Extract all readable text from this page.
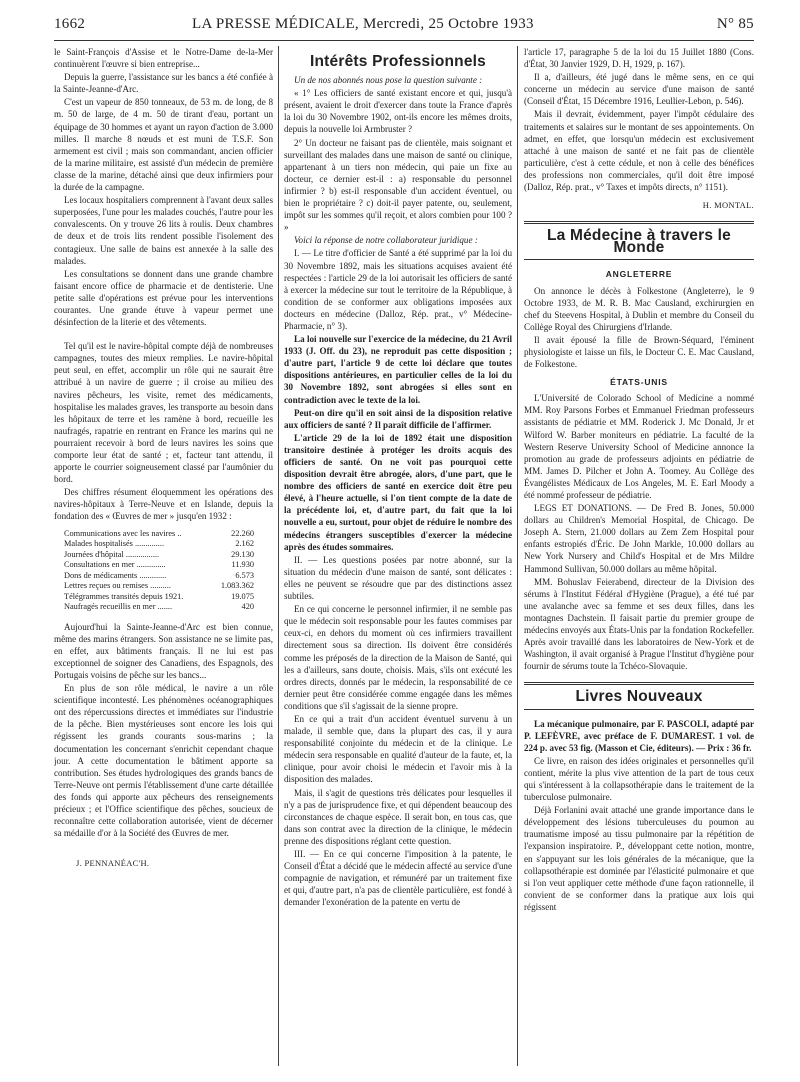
1662	LA PRESSE MÉDICALE, Mercredi, 25 Octobre 1933	N° 85

le Saint-François d'Assise et le Notre-Dame de-la-Mer continuèrent l'œuvre si bien entreprise...

Depuis la guerre, l'assistance sur les bancs a été confiée à la Sainte-Jeanne-d'Arc.

C'est un vapeur de 850 tonneaux, de 53 m. de long, de 8 m. 50 de large, de 4 m. 50 de tirant d'eau, portant un équipage de 30 hommes et ayant un rayon d'action de 3.000 milles. Il marche 8 nœuds et est muni de T.S.F. Son armement est civil ; mais son commandant, ancien officier de la marine militaire, est assisté d'un médecin de première classe de la marine, détaché ainsi que deux infirmiers pour la durée de la campagne.

Les locaux hospitaliers comprennent à l'avant deux salles superposées, l'une pour les malades couchés, l'autre pour les convalescents. On y trouve 26 lits à roulis. Deux chambres de deux et de trois lits rendent possible l'isolement des contagieux. Une salle de bains est annexée à la salle des malades.

Les consultations se donnent dans une grande chambre faisant encore office de pharmacie et de dentisterie. Une petite salle d'opérations est prévue pour les interventions courantes. Une grande étuve à vapeur permet une désinfection de la literie et des vêtements.

Tel qu'il est le navire-hôpital compte déjà de nombreuses campagnes, toutes des mieux remplies. Le navire-hôpital peut seul, en effet, accomplir un rôle qui ne saurait être attribué à un navire de guerre ; il croise au milieu des navires pêcheurs, les visite, remet des médicaments, hospitalise les malades graves, les transporte au besoin dans les hôpitaux de terre et les ramène à bord, recueille les naufragés, rapatrie en rentrant en France les marins qui ne pourraient recevoir à bord de leurs navires les soins que comporte leur état de santé ; et, facteur tant attendu, il apporte le courrier soigneusement classé par l'aumônier du bord.

Des chiffres résument éloquemment les opérations des navires-hôpitaux à Terre-Neuve et en Islande, depuis la fondation des « Œuvres de mer » jusqu'en 1932 :

Communications avec les navires ..	22.260
Malades hospitalisés ..............	2.162
Journées d'hôpital ................	29.130
Consultations en mer ..............	11.930
Dons de médicaments .............	6.573
Lettres reçues ou remises ..........	1.083.362
Télégrammes transités depuis 1921.	19.075
Naufragés recueillis en mer .......	420

Aujourd'hui la Sainte-Jeanne-d'Arc est bien connue, même des marins étrangers. Son assistance ne se limite pas, en effet, aux bâtiments français. Il ne lui est pas exceptionnel de soigner des Canadiens, des Espagnols, des Portugais voisins de pêche sur les bancs...

En plus de son rôle médical, le navire a un rôle scientifique incontesté. Les phénomènes océanographiques ont des répercussions directes et immédiates sur l'industrie de la pêche. Bien mystérieuses sont encore les lois qui régissent les grands courants sous-marins ; la documentation les concernant s'enrichit cependant chaque jour. A cette documentation le bâtiment apporte sa contribution. Ses études hydrologiques des grands bancs de Terre-Neuve ont permis l'établissement d'une carte détaillée des fonds qui apporte aux pêcheurs des renseignements précieux ; et l'Office scientifique des pêches, soucieux de reconnaître cette collaboration autorisée, vient de décerner sa médaille d'or à la Société des Œuvres de mer.

J. PENNANÉAC'H.
Intérêts Professionnels

Un de nos abonnés nous pose la question suivante :

« 1° Les officiers de santé existant encore et qui, jusqu'à présent, avaient le droit d'exercer dans toute la France d'après la loi du 30 Novembre 1902, ont-ils encore les mêmes droits, depuis la nouvelle loi Armbruster ?

2° Un docteur ne faisant pas de clientèle, mais soignant et surveillant des malades dans une maison de santé ou clinique, appartenant à un tiers non médecin, qui paie un fixe au docteur, ce dernier est-il : a) responsable du personnel infirmier ? b) est-il responsable d'un accident éventuel, ou bien le propriétaire ? c) doit-il payer patente, ou, seulement, impôt sur les sommes qu'il reçoit, et alors combien pour 100 ? »

Voici la réponse de notre collaborateur juridique :

I. — Le titre d'officier de Santé a été supprimé par la loi du 30 Novembre 1892, mais les situations acquises avaient été respectées : l'article 29 de la loi autorisait les officiers de santé à exercer la médecine sur tout le territoire de la République, à condition de se conformer aux obligations imposées aux docteurs en médecine (Dalloz, Rép. prat., v° Médecine-Pharmacie, n° 3).

La loi nouvelle sur l'exercice de la médecine, du 21 Avril 1933 (J. Off. du 23), ne reproduit pas cette disposition ; d'autre part, l'article 9 de cette loi déclare que toutes dispositions antérieures, en particulier celles de la loi du 30 Novembre 1892, sont abrogées si elles sont en contradiction avec le texte de la loi.

Peut-on dire qu'il en soit ainsi de la disposition relative aux officiers de santé ? Il paraît difficile de l'affirmer.

L'article 29 de la loi de 1892 était une disposition transitoire destinée à protéger les droits acquis des officiers de santé. On ne voit pas pourquoi cette disposition devrait être abrogée, alors, d'une part, que le nombre des officiers de santé en exercice doit être peu élevé, à l'heure actuelle, si l'on tient compte de la date de la précédente loi, et, d'autre part, du fait que la loi nouvelle a eu, surtout, pour objet de réduire le nombre des médecins étrangers susceptibles d'exercer la médecine après des études sommaires.

II. — Les questions posées par notre abonné, sur la situation du médecin d'une maison de santé, sont délicates : elles ne peuvent se résoudre que par des distinctions assez subtiles.

En ce qui concerne le personnel infirmier, il ne semble pas que le médecin soit responsable pour les fautes commises par ceux-ci, en dehors du moment où ces infirmiers travaillent directement sous sa direction. Ils doivent être considérés comme les préposés de la direction de la Maison de Santé, qui les a d'ailleurs, sans doute, choisis. Mais, s'ils ont exécuté les ordres directs, donnés par le médecin, la responsabilité de ce dernier peut être considérée comme engagée dans les mêmes conditions que s'il s'agissait de la sienne propre.

En ce qui a trait d'un accident éventuel survenu à un malade, il semble que, dans la plupart des cas, il y aura responsabilité conjointe du médecin et de la clinique. Le médecin sera responsable en qualité d'auteur de la faute, et, la clinique, pour avoir choisi le médecin et l'avoir mis à la disposition des malades.

Mais, il s'agit de questions très délicates pour lesquelles il n'y a pas de jurisprudence fixe, et qui dépendent beaucoup des circonstances de chaque espèce. Il serait bon, en tous cas, que dans son contrat avec la direction de la clinique, le médecin prenne des dispositions réglant cette question.

III. — En ce qui concerne l'imposition à la patente, le Conseil d'État a décidé que le médecin affecté au service d'une compagnie de navigation, et rémunéré par un traitement fixe et qui, d'autre part, n'a pas de clientèle particulière, est fondé à demander l'exonération de la patente en vertu de

l'article 17, paragraphe 5 de la loi du 15 Juillet 1880 (Cons. d'État, 30 Janvier 1929, D. H, 1929, p. 167).

Il a, d'ailleurs, été jugé dans le même sens, en ce qui concerne un médecin au service d'une maison de santé (Conseil d'État, 15 Décembre 1916, Leullier-Lebon, p. 546).

Mais il devrait, évidemment, payer l'impôt cédulaire des traitements et salaires sur le montant de ses appointements. On admet, en effet, que lorsqu'un médecin est exclusivement attaché à une maison de santé et ne fait pas de clientèle particulière, c'est à cette cédule, et non à celle des bénéfices des professions non commerciales, qu'il doit être imposé (Dalloz, Rép. prat., v° Taxes et impôts directs, n° 1151).

H. MONTAL.
La Médecine à travers le Monde
ANGLETERRE

On annonce le décès à Folkestone (Angleterre), le 9 Octobre 1933, de M. R. B. Mac Causland, exchirurgien en chef du Steevens Hospital, à Dublin et membre du Conseil du Collège Royal des Chirurgiens d'Irlande.

Il avait épousé la fille de Brown-Séquard, l'éminent physiologiste et laisse un fils, le Docteur C. E. Mac Causland, de Folkestone.

ÉTATS-UNIS

L'Université de Colorado School of Medicine a nommé MM. Roy Parsons Forbes et Emmanuel Friedman professeurs assistants de pédiatrie et MM. Roderick J. Mc Donald, Jr et Wilford W. Barber moniteurs en pédiatrie. La faculté de la Western Reserve University School of Medicine annonce la promotion au grade de professeurs adjoints en pédiatrie de MM. James D. Pilcher et John A. Toomey. Au Collège des Évangélistes Médicaux de Los Angeles, M. E. Earl Moody a été nommé professeur de pédiatrie.

LEGS ET DONATIONS. — De Fred B. Jones, 50.000 dollars au Children's Memorial Hospital, de Chicago. De Joseph A. Stern, 21.000 dollars au Zem Zem Hospital pour enfants estropiés d'Éric. De John Markle, 10.000 dollars au New York Nursery and Child's Hospital et de Mrs Mildre Hammond Sullivan, 50.000 dollars au même hôpital.

MM. Bohuslav Feierabend, directeur de la Division des sérums à l'Institut Fédéral d'Hygiène (Prague), a été tué par une avalanche avec sa femme et ses deux filles, dans les montagnes Dachstein. Il faisait partie du premier groupe de médecins envoyés aux États-Unis par la fondation Rockefeller. Après avoir travaillé dans les laboratoires de New-York et de Washington, il avait organisé à Prague l'Institut d'hygiène pour fournir de sérums toute la Tchéco-Slovaquie.

Livres Nouveaux

La mécanique pulmonaire, par F. PASCOLI, adapté par P. LEFÈVRE, avec préface de F. DUMAREST. 1 vol. de 224 p. avec 53 fig. (Masson et Cie, éditeurs). — Prix : 36 fr.

Ce livre, en raison des idées originales et personnelles qu'il contient, mérite la plus vive attention de la part de tous ceux qui s'intéressent à la collapsothérapie dans le traitement de la tuberculose pulmonaire.

Déjà Forlanini avait attaché une grande importance dans le développement des lésions tuberculeuses du poumon au traumatisme imposé au tissu pulmonaire par la répétition de l'expansion inspiratoire. P., développant cette notion, montre, en s'appuyant sur les lois générales de la mécanique, que la collapsothérapie est dominée par l'élasticité pulmonaire et que si l'on veut appliquer cette méthode d'une façon rationnelle, il convient de se conformer dans la pratique aux lois qui régissent
